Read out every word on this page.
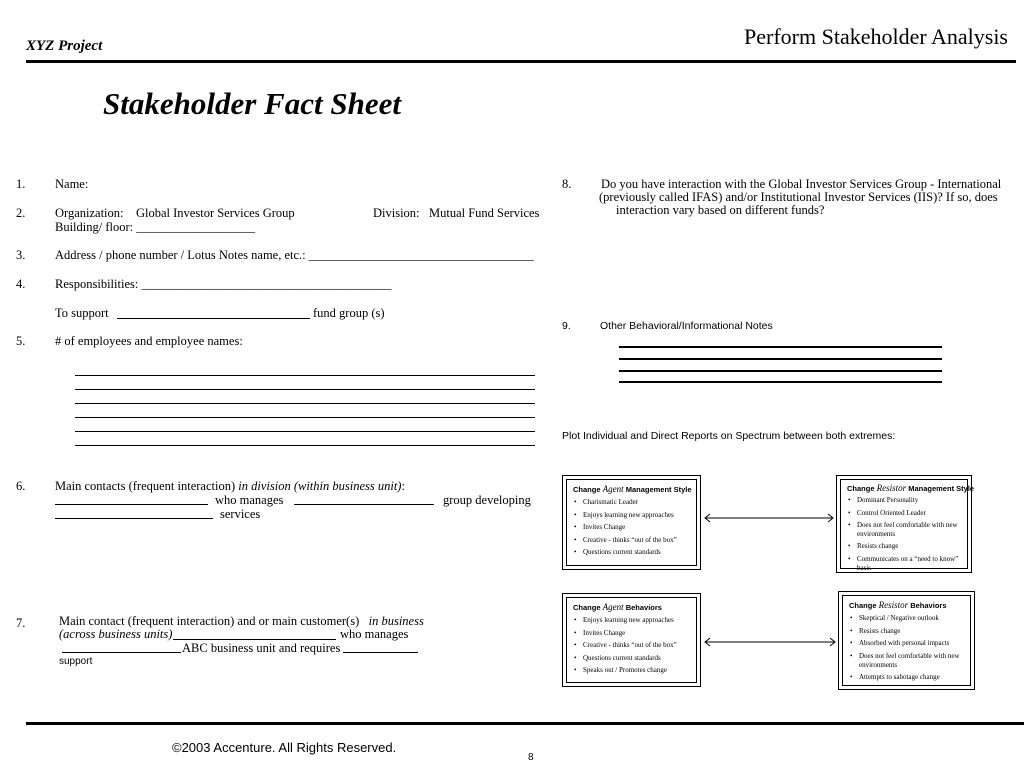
XYZ Project	Perform Stakeholder Analysis
Stakeholder Fact Sheet
1. Name:
2. Organization: Global Investor Services Group	Division: Mutual Fund Services
Building/ floor: ___________________
3. Address / phone number / Lotus Notes name, etc.: ____________________________________
4. Responsibilities: ________________________________________
To support	fund group (s)
5. # of employees and employee names:
6. Main contacts (frequent interaction) in division (within business unit):
who manages	group developing
services
7.	Main contact (frequent interaction) and or main customer(s) in business
(across business units)	who manages
ABC business unit and requires
support
8. Do you have interaction with the Global Investor Services Group - International
(previously called IFAS) and/or Institutional Investor Services (IIS)? If so, does
interaction vary based on different funds?
9.	Other Behavioral/Informational Notes
Plot Individual and Direct Reports on Spectrum between both extremes:
Change Agent Management Style
• Charismatic Leader
• Enjoys learning new approaches
• Invites Change
• Creative - thinks “out of the box”
• Questions current standards
Change Resistor Management Style
• Dominant Personality
• Control Oriented Leader
• Does not feel comfortable with new environments
• Resists change
• Communicates on a “need to know” basis
Change Agent Behaviors
• Enjoys learning new approaches
• Invites Change
• Creative - thinks “out of the box”
• Questions current standards
• Speaks out / Promotes change
Change Resistor Behaviors
• Skeptical / Negative outlook
• Resists change
• Absorbed with personal impacts
• Does not feel comfortable with new environments
• Attempts to sabotage change
©2003 Accenture. All Rights Reserved.
8
